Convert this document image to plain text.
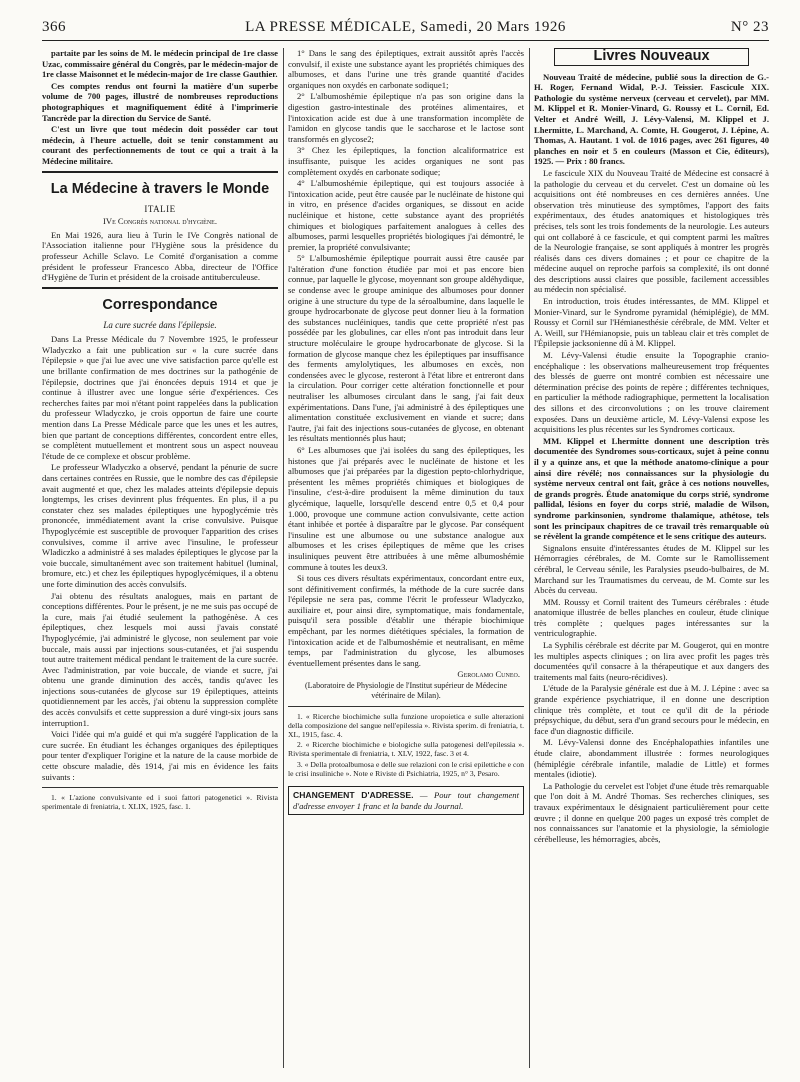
366	LA PRESSE MÉDICALE, Samedi, 20 Mars 1926	N° 23

partaite par les soins de M. le médecin principal de 1re classe Uzac, commissaire général du Congrès, par le médecin-major de 1re classe Maisonnet et le médecin-major de 1re classe Gauthier.

Ces comptes rendus ont fourni la matière d'un superbe volume de 700 pages, illustré de nombreuses reproductions photographiques et magnifiquement édité à l'imprimerie Tancrède par la direction du Service de Santé.

C'est un livre que tout médecin doit posséder car tout médecin, à l'heure actuelle, doit se tenir constamment au courant des perfectionnements de tout ce qui a trait à la Médecine militaire.

La Médecine à travers le Monde
ITALIE
IVe Congrès national d'hygiène.

En Mai 1926, aura lieu à Turin le IVe Congrès national de l'Association italienne pour l'Hygiène sous la présidence du professeur Achille Sclavo. Le Comité d'organisation a comme président le professeur Francesco Abba, directeur de l'Office d'Hygiène de Turin et président de la croisade antituberculeuse.

Correspondance
La cure sucrée dans l'épilepsie.

Dans La Presse Médicale du 7 Novembre 1925, le professeur Wladyczko a fait une publication sur « la cure sucrée dans l'épilepsie » que j'ai lue avec une vive satisfaction parce qu'elle est une brillante confirmation de mes doctrines sur la pathogénie de l'épilepsie, doctrines que j'ai énoncées depuis 1914 et que je continue à illustrer avec une longue série d'expériences. Ces recherches faites par moi n'étant point rappelées dans la publication du professeur Wladyczko, je crois opportun de faire une courte mention dans La Presse Médicale parce que les unes et les autres, bien que partant de conceptions différentes, concordent entre elles, se complètent mutuellement et montrent sous un aspect nouveau l'étude de ce complexe et obscur problème.

Le professeur Wladyczko a observé, pendant la pénurie de sucre dans certaines contrées en Russie, que le nombre des cas d'épilepsie avait augmenté et que, chez les malades atteints d'épilepsie depuis longtemps, les crises devinrent plus fréquentes. En plus, il a pu constater chez ses malades épileptiques une hypoglycémie très prononcée, immédiatement avant la crise convulsive. Puisque l'hypoglycémie est susceptible de provoquer l'apparition des crises convulsives, comme il arrive avec l'insuline, le professeur Wladiczko a administré à ses malades épileptiques le glycose par la voie buccale, simultanément avec son traitement habituel (luminal, bromure, etc.) et chez les épileptiques hypoglycémiques, il a obtenu une forte diminution des accès convulsifs.

J'ai obtenu des résultats analogues, mais en partant de conceptions différentes. Pour le présent, je ne me suis pas occupé de la cure, mais j'ai étudié seulement la pathogénèse. A ces épileptiques, chez lesquels moi aussi j'avais constaté l'hypoglycémie, j'ai administré le glycose, non seulement par voie buccale, mais aussi par injections sous-cutanées, et j'ai suspendu tout autre traitement médical pendant le traitement de la cure sucrée. Avec l'administration, par voie buccale, de viande et sucre, j'ai obtenu une grande diminution des accès, tandis qu'avec les injections sous-cutanées de glycose sur 19 épileptiques, atteints quotidiennement par les accès, j'ai obtenu la suppression complète des accès convulsifs et cette suppression a duré vingt-six jours sans interruption1.

Voici l'idée qui m'a guidé et qui m'a suggéré l'application de la cure sucrée. En étudiant les échanges organiques des épileptiques pour tenter d'expliquer l'origine et la nature de la cause morbide de cette obscure maladie, dès 1914, j'ai mis en évidence les faits suivants :

1. « L'azione convulsivante ed i suoi fattori patogenetici ». Rivista sperimentale di freniatria, t. XLIX, 1925, fasc. 1.

1° Dans le sang des épileptiques, extrait aussitôt après l'accès convulsif, il existe une substance ayant les propriétés chimiques des albumoses, et dans l'urine une très grande quantité d'acides organiques non oxydés en carbonate sodique1;

2° L'albumoshémie épileptique n'a pas son origine dans la digestion gastro-intestinale des protéines alimentaires, et l'intoxication acide est due à une transformation incomplète de l'amidon en glycose tandis que le saccharose et le lactose sont transformés en glycose2;

3° Chez les épileptiques, la fonction alcaliformatrice est insuffisante, puisque les acides organiques ne sont pas complètement oxydés en carbonate sodique;

4° L'albumoshémie épileptique, qui est toujours associée à l'intoxication acide, peut être causée par le nucléinate de histone qui in vitro, en présence d'acides organiques, se dissout en acide nucléinique et histone, cette substance ayant des propriétés chimiques et biologiques parfaitement analogues à celles des albumoses, parmi lesquelles propriétés biologiques j'ai démontré, le premier, la propriété convulsivante;

5° L'albumoshémie épileptique pourrait aussi être causée par l'altération d'une fonction étudiée par moi et pas encore bien connue, par laquelle le glycose, moyennant son groupe aldéhydique, se condense avec le groupe aminique des albumoses pour donner origine à une structure du type de la séroalbumine, dans laquelle le groupe hydrocarbonate de glycose peut donner lieu à la formation des substances nucléiniques, tandis que cette propriété n'est pas possédée par les globulines, car elles n'ont pas introduit dans leur structure moléculaire le groupe hydrocarbonate de glycose. Si la formation de glycose manque chez les épileptiques par insuffisance des ferments amylolytiques, les albumoses en excès, non condensées avec le glycose, resteront à l'état libre et entreront dans la circulation. Pour corriger cette altération fonctionnelle et pour neutraliser les albumoses circulant dans le sang, j'ai fait deux expérimentations. Dans l'une, j'ai administré à des épileptiques une alimentation constituée exclusivement en viande et sucre; dans l'autre, j'ai fait des injections sous-cutanées de glycose, en obtenant les résultats mentionnés plus haut;

6° Les albumoses que j'ai isolées du sang des épileptiques, les histones que j'ai préparés avec le nucléinate de histone et les albumoses que j'ai préparées par la digestion pepto-chlorhydrique, présentent les mêmes propriétés chimiques et biologiques de l'insuline, c'est-à-dire produisent la même diminution du taux glycémique, laquelle, lorsqu'elle descend entre 0,5 et 0,4 pour 1.000, provoque une commune action convulsivante, cette action étant inhibée et portée à disparaître par le glycose. Par conséquent l'insuline est une albumose ou une substance analogue aux albumoses et les crises épileptiques de même que les crises insuliniques peuvent être attribuées à une même albumoshémie commune à toutes les deux3.

Si tous ces divers résultats expérimentaux, concordant entre eux, sont définitivement confirmés, la méthode de la cure sucrée dans l'épilepsie ne sera pas, comme l'écrit le professeur Wladyczko, auxiliaire et, pour ainsi dire, symptomatique, mais fondamentale, puisqu'il sera possible d'établir une thérapie biochimique empêchant, par les normes diététiques spéciales, la formation de l'intoxication acide et de l'albumoshémie et neutralisant, en même temps, par l'administration du glycose, les albumoses éventuellement présentes dans le sang.

Gerolamo Cuneo.
(Laboratoire de Physiologie de l'Institut supérieur de Médecine vétérinaire de Milan).

1. « Ricerche biochimiche sulla funzione uropoietica e sulle alterazioni della composizione del sangue nell'epilessia ». Rivista sperim. di freniatria, t. XL, 1915, fasc. 4.

2. « Ricerche biochimiche e biologiche sulla patogenesi dell'epilessia ». Rivista sperimentale di freniatria, t. XLV, 1922, fasc. 3 et 4.

3. « Della protoalbumosa e delle sue relazioni con le crisi epilettiche e con le crisi insuliniche ». Note e Riviste di Psichiatria, 1925, n° 3, Pesaro.

CHANGEMENT D'ADRESSE. — Pour tout changement d'adresse envoyer 1 franc et la bande du Journal.
Livres Nouveaux

Nouveau Traité de médecine, publié sous la direction de G.-H. Roger, Fernand Widal, P.-J. Teissier. Fascicule XIX. Pathologie du système nerveux (cerveau et cervelet), par MM. M. Klippel et R. Monier-Vinard, G. Roussy et L. Cornil, Ed. Velter et André Weill, J. Lévy-Valensi, M. Klippel et J. Lhermitte, L. Marchand, A. Comte, H. Gougerot, J. Lépine, A. Thomas, A. Hautant. 1 vol. de 1016 pages, avec 261 figures, 40 planches en noir et 5 en couleurs (Masson et Cie, éditeurs), 1925. — Prix : 80 francs.

Le fascicule XIX du Nouveau Traité de Médecine est consacré à la pathologie du cerveau et du cervelet. C'est un domaine où les acquisitions ont été nombreuses en ces dernières années. Une observation très minutieuse des symptômes, l'apport des faits expérimentaux, des études anatomiques et histologiques très précises, tels sont les trois fondements de la neurologie. Les auteurs qui ont collaboré à ce fascicule, et qui comptent parmi les maîtres de la Neurologie française, se sont appliqués à montrer les progrès réalisés dans ces divers domaines ; et pour ce chapitre de la médecine auquel on reproche parfois sa complexité, ils ont donné des descriptions aussi claires que possible, facilement accessibles au médecin non spécialisé.

En introduction, trois études intéressantes, de MM. Klippel et Monier-Vinard, sur le Syndrome pyramidal (hémiplégie), de MM. Roussy et Cornil sur l'Hémianesthésie cérébrale, de MM. Velter et A. Weill, sur l'Hémianopsie, puis un tableau clair et très complet de l'Épilepsie jacksonienne dû à M. Klippel.

M. Lévy-Valensi étudie ensuite la Topographie cranio-encéphalique : les observations malheureusement trop fréquentes des blessés de guerre ont montré combien est nécessaire une détermination précise des points de repère ; différentes techniques, en particulier la méthode radiographique, permettent la localisation des sillons et des circonvolutions ; on les trouve clairement exposées. Dans un deuxième article, M. Lévy-Valensi expose les acquisitions les plus récentes sur les Syndromes corticaux.

MM. Klippel et Lhermitte donnent une description très documentée des Syndromes sous-corticaux, sujet à peine connu il y a quinze ans, et que la méthode anatomo-clinique a pour ainsi dire révélé; nos connaissances sur la physiologie du système nerveux central ont fait, grâce à ces notions nouvelles, de grands progrès. Étude anatomique du corps strié, syndrome pallidal, lésions en foyer du corps strié, maladie de Wilson, syndrome parkinsonien, syndrome thalamique, athétose, tels sont les principaux chapitres de ce travail très remarquable où se révèlent la grande compétence et le sens critique des auteurs.

Signalons ensuite d'intéressantes études de M. Klippel sur les Hémorragies cérébrales, de M. Comte sur le Ramollissement cérébral, le Cerveau sénile, les Paralysies pseudo-bulbaires, de M. Marchand sur les Traumatismes du cerveau, de M. Comte sur les Abcès du cerveau.

MM. Roussy et Cornil traitent des Tumeurs cérébrales : étude anatomique illustrée de belles planches en couleur, étude clinique très complète ; quelques pages intéressantes sur la ventriculographie.

La Syphilis cérébrale est décrite par M. Gougerot, qui en montre les multiples aspects cliniques ; on lira avec profit les pages très documentées qu'il consacre à la thérapeutique et aux dangers des traitements mal faits (neuro-récidives).

L'étude de la Paralysie générale est due à M. J. Lépine : avec sa grande expérience psychiatrique, il en donne une description clinique très complète, et tout ce qu'il dit de la période prépsychique, du début, sera d'un grand secours pour le médecin, en face d'un diagnostic difficile.

M. Lévy-Valensi donne des Encéphalopathies infantiles une étude claire, abondamment illustrée : formes neurologiques (hémiplégie cérébrale infantile, maladie de Little) et formes mentales (idiotie).

La Pathologie du cervelet est l'objet d'une étude très remarquable que l'on doit à M. André Thomas. Ses recherches cliniques, ses travaux expérimentaux le désignaient particulièrement pour cette œuvre ; il donne en quelque 200 pages un exposé très complet de nos connaissances sur l'anatomie et la physiologie, la sémiologie cérébelleuse, les hémorragies, abcès,
